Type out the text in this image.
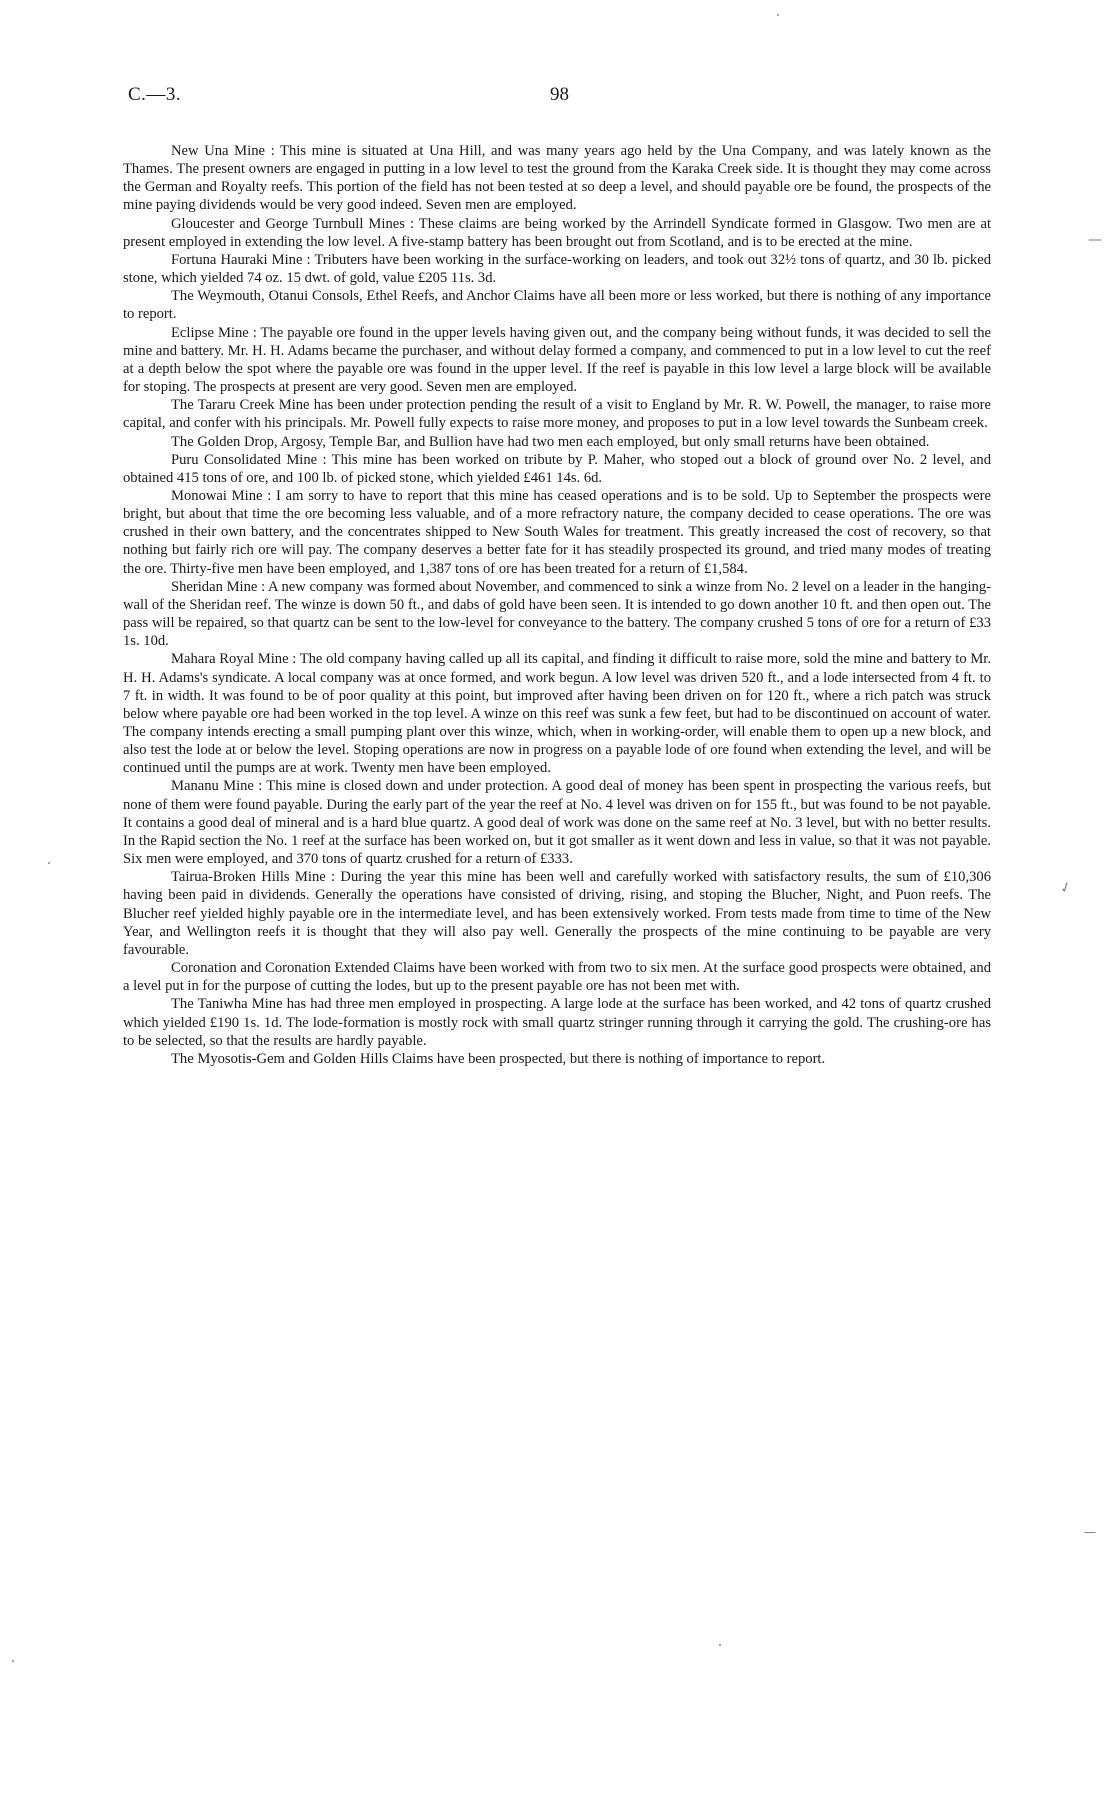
C.—3.	98

New Una Mine : This mine is situated at Una Hill, and was many years ago held by the Una Company, and was lately known as the Thames. The present owners are engaged in putting in a low level to test the ground from the Karaka Creek side. It is thought they may come across the German and Royalty reefs. This portion of the field has not been tested at so deep a level, and should payable ore be found, the prospects of the mine paying dividends would be very good indeed. Seven men are employed.

Gloucester and George Turnbull Mines : These claims are being worked by the Arrindell Syndicate formed in Glasgow. Two men are at present employed in extending the low level. A five-stamp battery has been brought out from Scotland, and is to be erected at the mine.

Fortuna Hauraki Mine : Tributers have been working in the surface-working on leaders, and took out 32½ tons of quartz, and 30 lb. picked stone, which yielded 74 oz. 15 dwt. of gold, value £205 11s. 3d.

The Weymouth, Otanui Consols, Ethel Reefs, and Anchor Claims have all been more or less worked, but there is nothing of any importance to report.

Eclipse Mine : The payable ore found in the upper levels having given out, and the company being without funds, it was decided to sell the mine and battery. Mr. H. H. Adams became the purchaser, and without delay formed a company, and commenced to put in a low level to cut the reef at a depth below the spot where the payable ore was found in the upper level. If the reef is payable in this low level a large block will be available for stoping. The prospects at present are very good. Seven men are employed.

The Tararu Creek Mine has been under protection pending the result of a visit to England by Mr. R. W. Powell, the manager, to raise more capital, and confer with his principals. Mr. Powell fully expects to raise more money, and proposes to put in a low level towards the Sunbeam creek.

The Golden Drop, Argosy, Temple Bar, and Bullion have had two men each employed, but only small returns have been obtained.

Puru Consolidated Mine : This mine has been worked on tribute by P. Maher, who stoped out a block of ground over No. 2 level, and obtained 415 tons of ore, and 100 lb. of picked stone, which yielded £461 14s. 6d.

Monowai Mine : I am sorry to have to report that this mine has ceased operations and is to be sold. Up to September the prospects were bright, but about that time the ore becoming less valuable, and of a more refractory nature, the company decided to cease operations. The ore was crushed in their own battery, and the concentrates shipped to New South Wales for treatment. This greatly increased the cost of recovery, so that nothing but fairly rich ore will pay. The company deserves a better fate for it has steadily prospected its ground, and tried many modes of treating the ore. Thirty-five men have been employed, and 1,387 tons of ore has been treated for a return of £1,584.

Sheridan Mine : A new company was formed about November, and commenced to sink a winze from No. 2 level on a leader in the hanging-wall of the Sheridan reef. The winze is down 50 ft., and dabs of gold have been seen. It is intended to go down another 10 ft. and then open out. The pass will be repaired, so that quartz can be sent to the low-level for conveyance to the battery. The company crushed 5 tons of ore for a return of £33 1s. 10d.

Mahara Royal Mine : The old company having called up all its capital, and finding it difficult to raise more, sold the mine and battery to Mr. H. H. Adams's syndicate. A local company was at once formed, and work begun. A low level was driven 520 ft., and a lode intersected from 4 ft. to 7 ft. in width. It was found to be of poor quality at this point, but improved after having been driven on for 120 ft., where a rich patch was struck below where payable ore had been worked in the top level. A winze on this reef was sunk a few feet, but had to be discontinued on account of water. The company intends erecting a small pumping plant over this winze, which, when in working-order, will enable them to open up a new block, and also test the lode at or below the level. Stoping operations are now in progress on a payable lode of ore found when extending the level, and will be continued until the pumps are at work. Twenty men have been employed.

Mananu Mine : This mine is closed down and under protection. A good deal of money has been spent in prospecting the various reefs, but none of them were found payable. During the early part of the year the reef at No. 4 level was driven on for 155 ft., but was found to be not payable. It contains a good deal of mineral and is a hard blue quartz. A good deal of work was done on the same reef at No. 3 level, but with no better results. In the Rapid section the No. 1 reef at the surface has been worked on, but it got smaller as it went down and less in value, so that it was not payable. Six men were employed, and 370 tons of quartz crushed for a return of £333.

Tairua-Broken Hills Mine : During the year this mine has been well and carefully worked with satisfactory results, the sum of £10,306 having been paid in dividends. Generally the operations have consisted of driving, rising, and stoping the Blucher, Night, and Puon reefs. The Blucher reef yielded highly payable ore in the intermediate level, and has been extensively worked. From tests made from time to time of the New Year, and Wellington reefs it is thought that they will also pay well. Generally the prospects of the mine continuing to be payable are very favourable.

Coronation and Coronation Extended Claims have been worked with from two to six men. At the surface good prospects were obtained, and a level put in for the purpose of cutting the lodes, but up to the present payable ore has not been met with.

The Taniwha Mine has had three men employed in prospecting. A large lode at the surface has been worked, and 42 tons of quartz crushed which yielded £190 1s. 1d. The lode-formation is mostly rock with small quartz stringer running through it carrying the gold. The crushing-ore has to be selected, so that the results are hardly payable.

The Myosotis-Gem and Golden Hills Claims have been prospected, but there is nothing of importance to report.

—
✓
—
